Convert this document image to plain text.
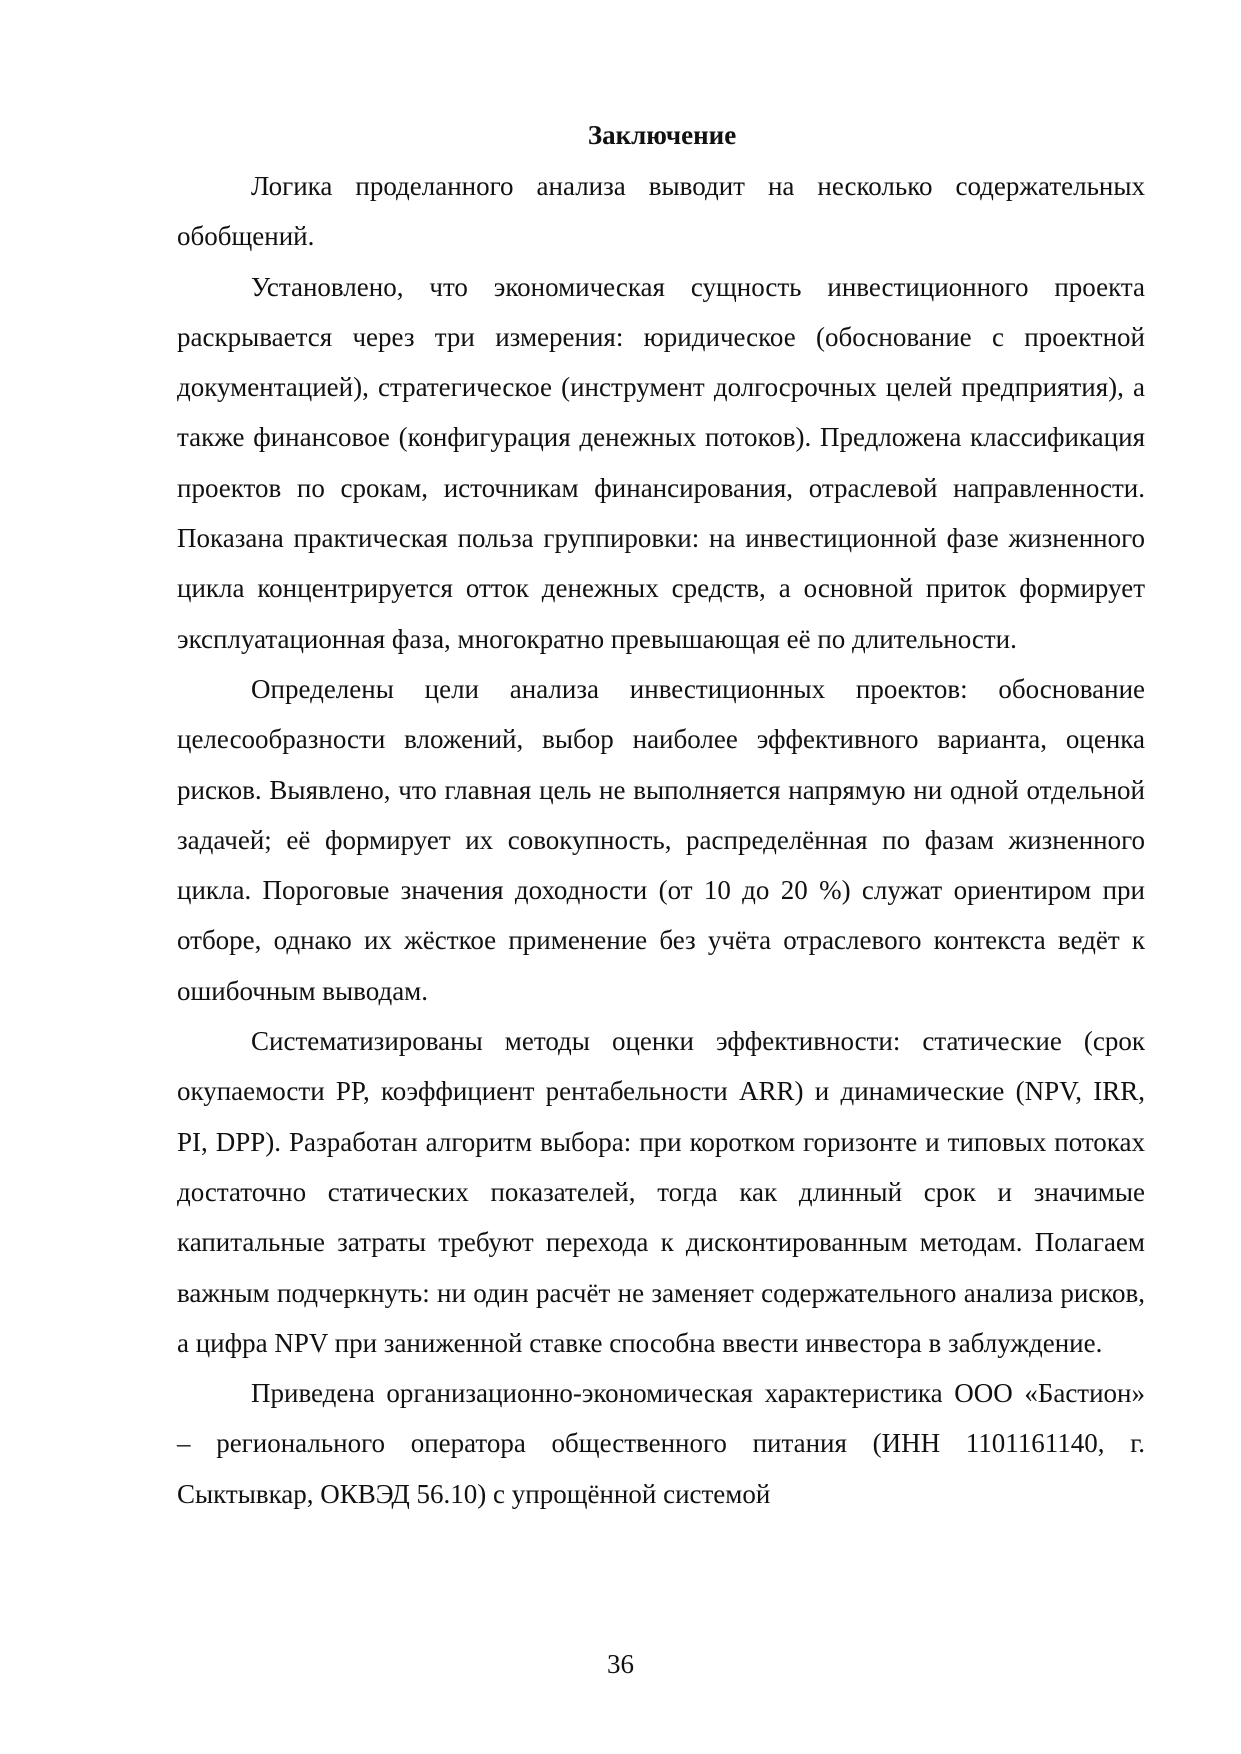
Заключение

Логика проделанного анализа выводит на несколько содержательных обобщений.

Установлено, что экономическая сущность инвестиционного проекта раскрывается через три измерения: юридическое (обоснование с проектной документацией), стратегическое (инструмент долгосрочных целей предприятия), а также финансовое (конфигурация денежных потоков). Предложена классификация проектов по срокам, источникам финансирования, отраслевой направленности. Показана практическая польза группировки: на инвестиционной фазе жизненного цикла концентрируется отток денежных средств, а основной приток формирует эксплуатационная фаза, многократно превышающая её по длительности.

Определены цели анализа инвестиционных проектов: обоснование целесообразности вложений, выбор наиболее эффективного варианта, оценка рисков. Выявлено, что главная цель не выполняется напрямую ни одной отдельной задачей; её формирует их совокупность, распределённая по фазам жизненного цикла. Пороговые значения доходности (от 10 до 20 %) служат ориентиром при отборе, однако их жёсткое применение без учёта отраслевого контекста ведёт к ошибочным выводам.

Систематизированы методы оценки эффективности: статические (срок окупаемости PP, коэффициент рентабельности ARR) и динамические (NPV, IRR, PI, DPP). Разработан алгоритм выбора: при коротком горизонте и типовых потоках достаточно статических показателей, тогда как длинный срок и значимые капитальные затраты требуют перехода к дисконтированным методам. Полагаем важным подчеркнуть: ни один расчёт не заменяет содержательного анализа рисков, а цифра NPV при заниженной ставке способна ввести инвестора в заблуждение.

Приведена организационно-экономическая характеристика ООО «Бастион» – регионального оператора общественного питания (ИНН 1101161140, г. Сыктывкар, ОКВЭД 56.10) с упрощённой системой

36
